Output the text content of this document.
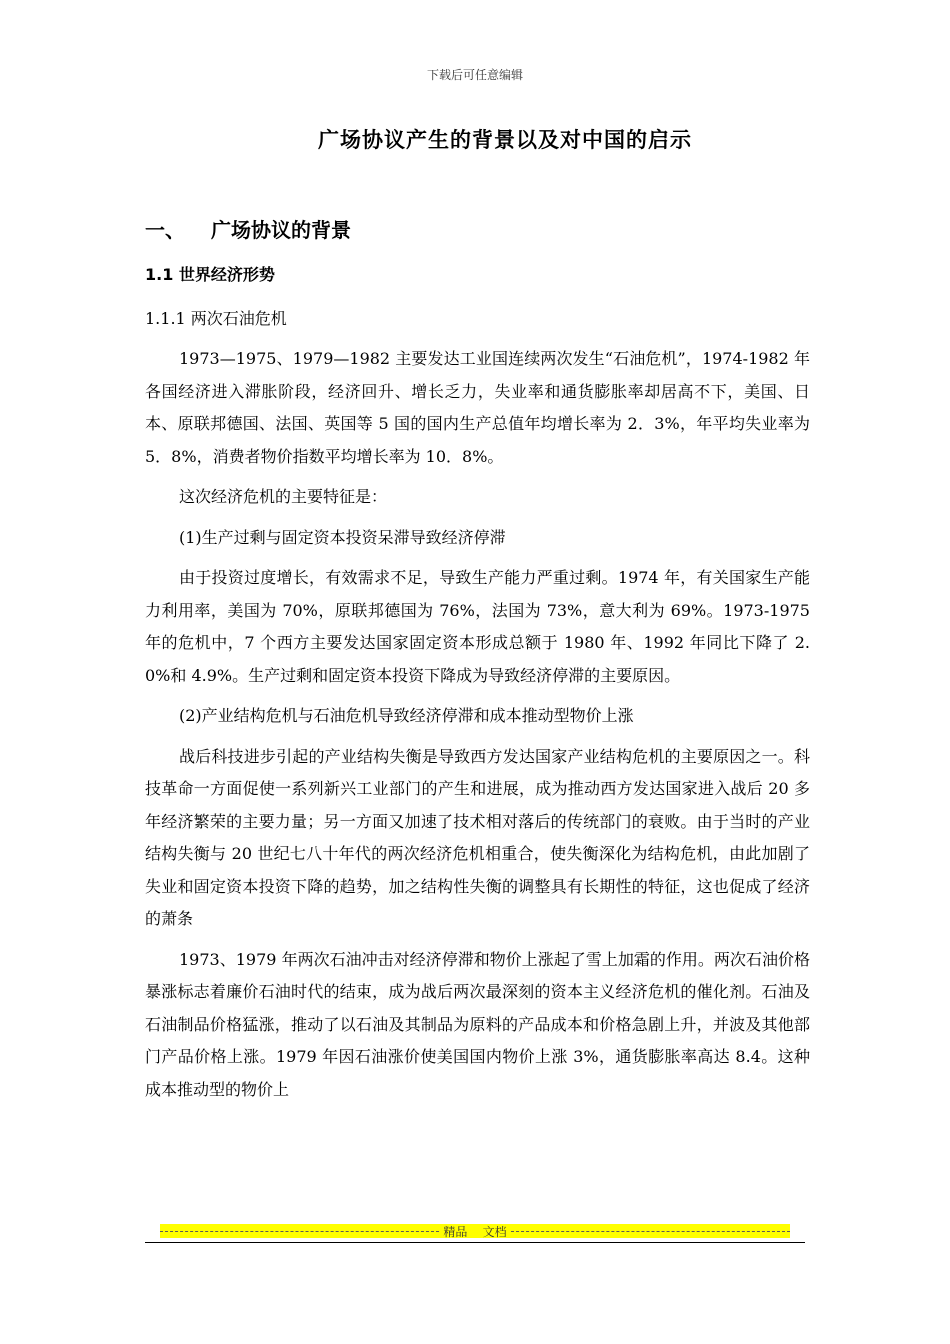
下载后可任意编辑
广场协议产生的背景以及对中国的启示
一、 广场协议的背景
1.1 世界经济形势
1.1.1 两次石油危机

1973—1975、1979—1982 主要发达工业国连续两次发生“石油危机”，1974-1982 年各国经济进入滞胀阶段，经济回升、增长乏力，失业率和通货膨胀率却居高不下，美国、日本、原联邦德国、法国、英国等 5 国的国内生产总值年均增长率为 2．3%，年平均失业率为 5．8%，消费者物价指数平均增长率为 10．8%。

这次经济危机的主要特征是：

(1)生产过剩与固定资本投资呆滞导致经济停滞

由于投资过度增长，有效需求不足，导致生产能力严重过剩。1974 年，有关国家生产能力利用率，美国为 70%，原联邦德国为 76%，法国为 73%，意大利为 69%。1973-1975 年的危机中，7 个西方主要发达国家固定资本形成总额于 1980 年、1992 年同比下降了 2.0%和 4.9%。生产过剩和固定资本投资下降成为导致经济停滞的主要原因。

(2)产业结构危机与石油危机导致经济停滞和成本推动型物价上涨

战后科技进步引起的产业结构失衡是导致西方发达国家产业结构危机的主要原因之一。科技革命一方面促使一系列新兴工业部门的产生和进展，成为推动西方发达国家进入战后 20 多年经济繁荣的主要力量；另一方面又加速了技术相对落后的传统部门的衰败。由于当时的产业结构失衡与 20 世纪七八十年代的两次经济危机相重合，使失衡深化为结构危机，由此加剧了失业和固定资本投资下降的趋势，加之结构性失衡的调整具有长期性的特征，这也促成了经济的萧条

1973、1979 年两次石油冲击对经济停滞和物价上涨起了雪上加霜的作用。两次石油价格暴涨标志着廉价石油时代的结束，成为战后两次最深刻的资本主义经济危机的催化剂。石油及石油制品价格猛涨，推动了以石油及其制品为原料的产品成本和价格急剧上升，并波及其他部门产品价格上涨。1979 年因石油涨价使美国国内物价上涨 3%，通货膨胀率高达 8.4。这种成本推动型的物价上

精品    文档
